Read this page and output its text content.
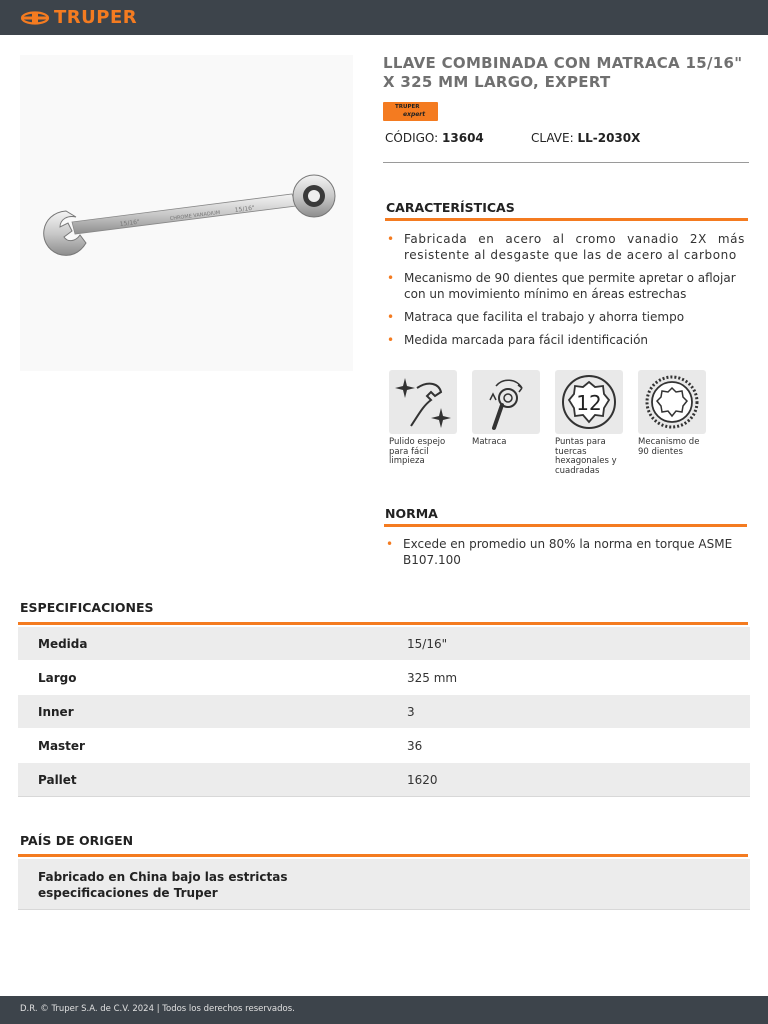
TRUPER
15/16"
CHROME VANADIUM
15/16"
LLAVE COMBINADA CON MATRACA 15/16" X 325 MM LARGO, EXPERT
TRUPER
expert
CÓDIGO: 13604	CLAVE: LL-2030X
CARACTERÍSTICAS
• Fabricada en acero al cromo vanadio 2X más resistente al desgaste que las de acero al carbono
• Mecanismo de 90 dientes que permite apretar o aflojar con un movimiento mínimo en áreas estrechas
• Matraca que facilita el trabajo y ahorra tiempo
• Medida marcada para fácil identificación
Pulido espejo para fácil limpieza
Matraca
12
Puntas para tuercas hexagonales y cuadradas
Mecanismo de 90 dientes
NORMA
• Excede en promedio un 80% la norma en torque ASME B107.100
ESPECIFICACIONES
Medida	15/16"
Largo	325 mm
Inner	3
Master	36
Pallet	1620
PAÍS DE ORIGEN
Fabricado en China bajo las estrictas especificaciones de Truper
D.R. © Truper S.A. de C.V. 2024 | Todos los derechos reservados.
